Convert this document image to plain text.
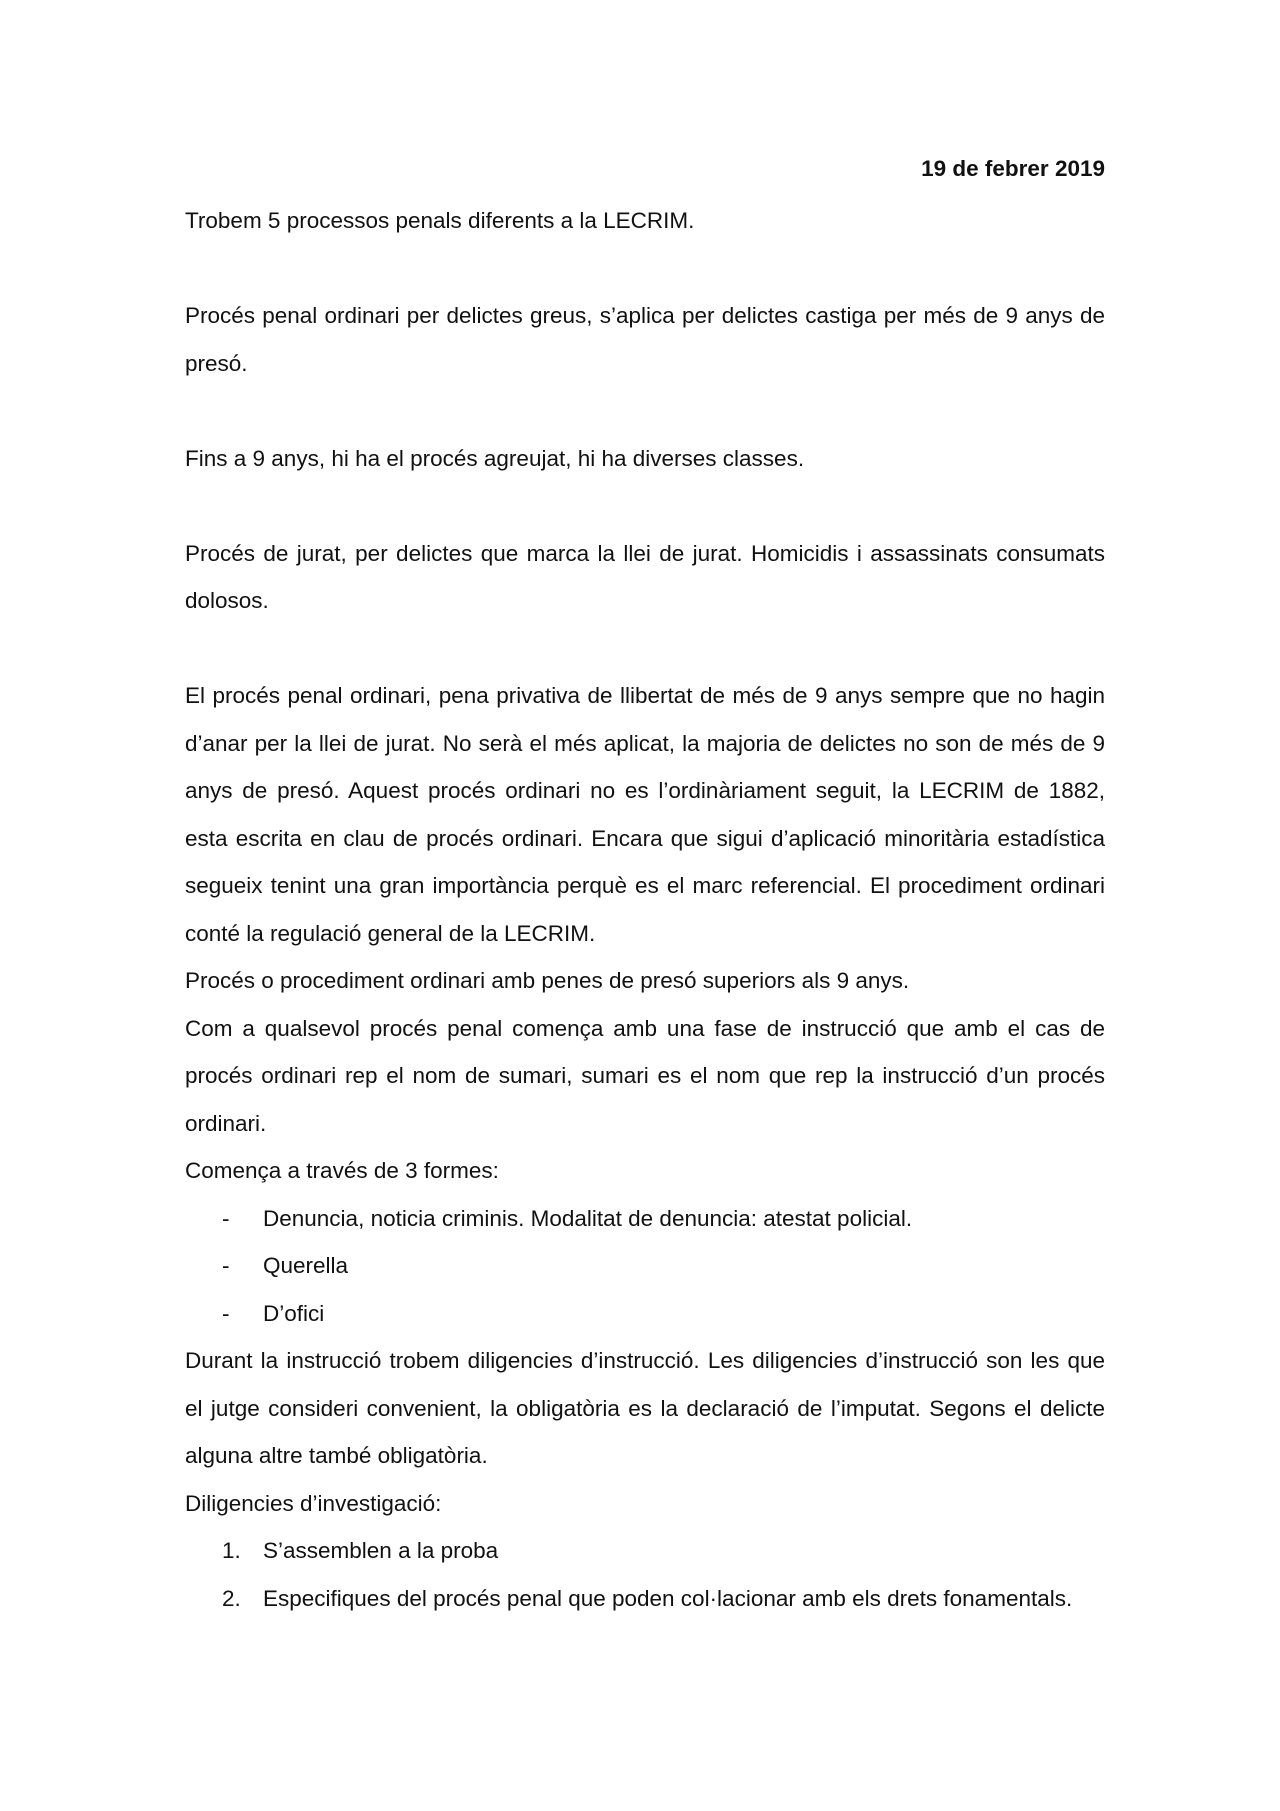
19 de febrer 2019

Trobem 5 processos penals diferents a la LECRIM.

Procés penal ordinari per delictes greus, s’aplica per delictes castiga per més de 9 anys de presó.

Fins a 9 anys, hi ha el procés agreujat, hi ha diverses classes.

Procés de jurat, per delictes que marca la llei de jurat. Homicidis i assassinats consumats dolosos.

El procés penal ordinari, pena privativa de llibertat de més de 9 anys sempre que no hagin d’anar per la llei de jurat. No serà el més aplicat, la majoria de delictes no son de més de 9 anys de presó. Aquest procés ordinari no es l’ordinàriament seguit, la LECRIM de 1882, esta escrita en clau de procés ordinari. Encara que sigui d’aplicació minoritària estadística segueix tenint una gran importància perquè es el marc referencial. El procediment ordinari conté la regulació general de la LECRIM.

Procés o procediment ordinari amb penes de presó superiors als 9 anys.

Com a qualsevol procés penal comença amb una fase de instrucció que amb el cas de procés ordinari rep el nom de sumari, sumari es el nom que rep la instrucció d’un procés ordinari.

Comença a través de 3 formes:

- Denuncia, noticia criminis. Modalitat de denuncia: atestat policial.
- Querella
- D’ofici

Durant la instrucció trobem diligencies d’instrucció. Les diligencies d’instrucció son les que el jutge consideri convenient, la obligatòria es la declaració de l’imputat. Segons el delicte alguna altre també obligatòria.

Diligencies d’investigació:

1. S’assemblen a la proba
2. Especifiques del procés penal que poden col·lacionar amb els drets fonamentals.
